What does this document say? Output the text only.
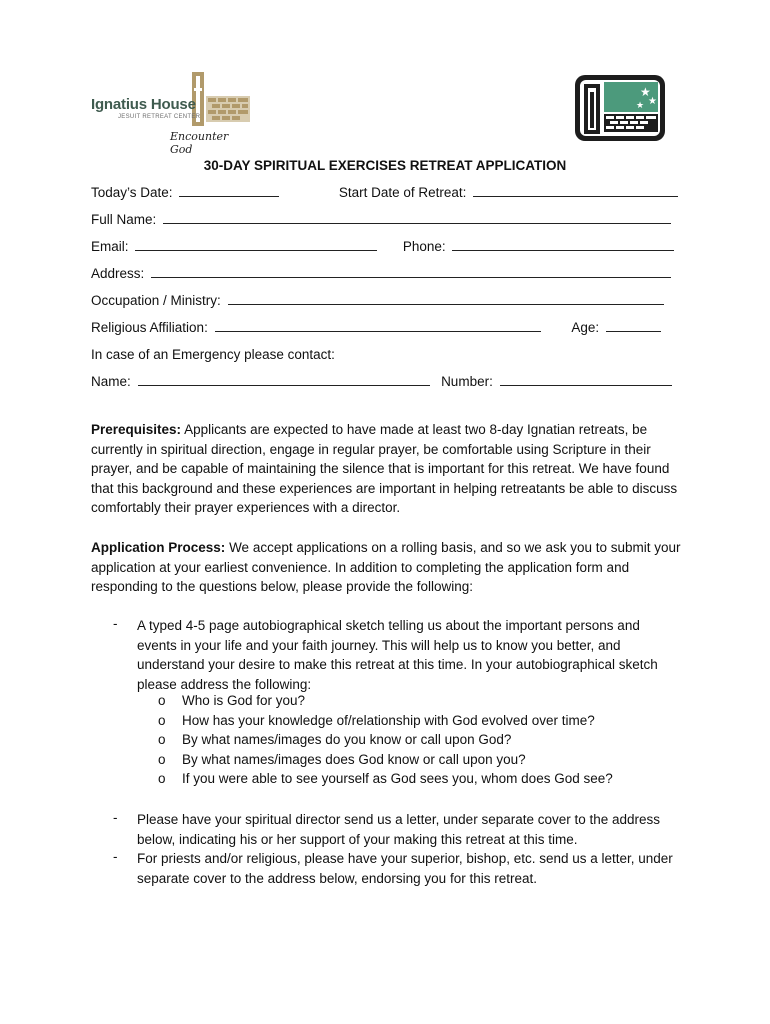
Ignatius House
JESUIT RETREAT CENTER
Encounter God
★
★
★
30-DAY SPIRITUAL EXERCISES RETREAT APPLICATION
Today’s Date:	Start Date of Retreat:
Full Name:
Email:	Phone:
Address:
Occupation / Ministry:
Religious Affiliation:	Age:
In case of an Emergency please contact:
Name:	Number:
Prerequisites: Applicants are expected to have made at least two 8-day Ignatian retreats, be currently in spiritual direction, engage in regular prayer, be comfortable using Scripture in their prayer, and be capable of maintaining the silence that is important for this retreat. We have found that this background and these experiences are important in helping retreatants be able to discuss comfortably their prayer experiences with a director.
Application Process: We accept applications on a rolling basis, and so we ask you to submit your application at your earliest convenience. In addition to completing the application form and responding to the questions below, please provide the following:
- A typed 4-5 page autobiographical sketch telling us about the important persons and events in your life and your faith journey. This will help us to know you better, and understand your desire to make this retreat at this time. In your autobiographical sketch please address the following:
o Who is God for you?
o How has your knowledge of/relationship with God evolved over time?
o By what names/images do you know or call upon God?
o By what names/images does God know or call upon you?
o If you were able to see yourself as God sees you, whom does God see?
- Please have your spiritual director send us a letter, under separate cover to the address below, indicating his or her support of your making this retreat at this time.
- For priests and/or religious, please have your superior, bishop, etc. send us a letter, under separate cover to the address below, endorsing you for this retreat.
